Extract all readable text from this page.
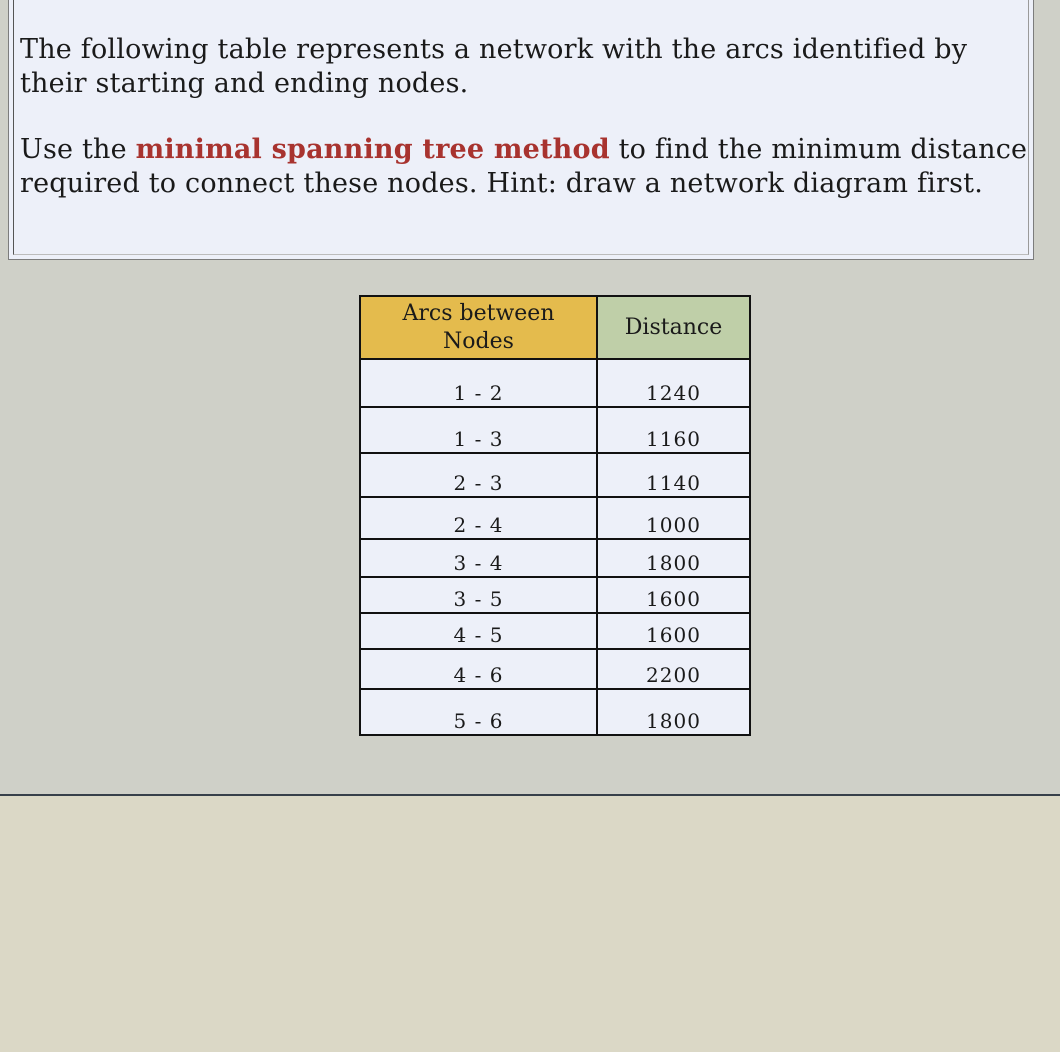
The following table represents a network with the arcs identified by
their starting and ending nodes.

Use the minimal spanning tree method to find the minimum distance
required to connect these nodes. Hint: draw a network diagram first.

Arcs between
Nodes	Distance
1 - 2	1240
1 - 3	1160
2 - 3	1140
2 - 4	1000
3 - 4	1800
3 - 5	1600
4 - 5	1600
4 - 6	2200
5 - 6	1800
